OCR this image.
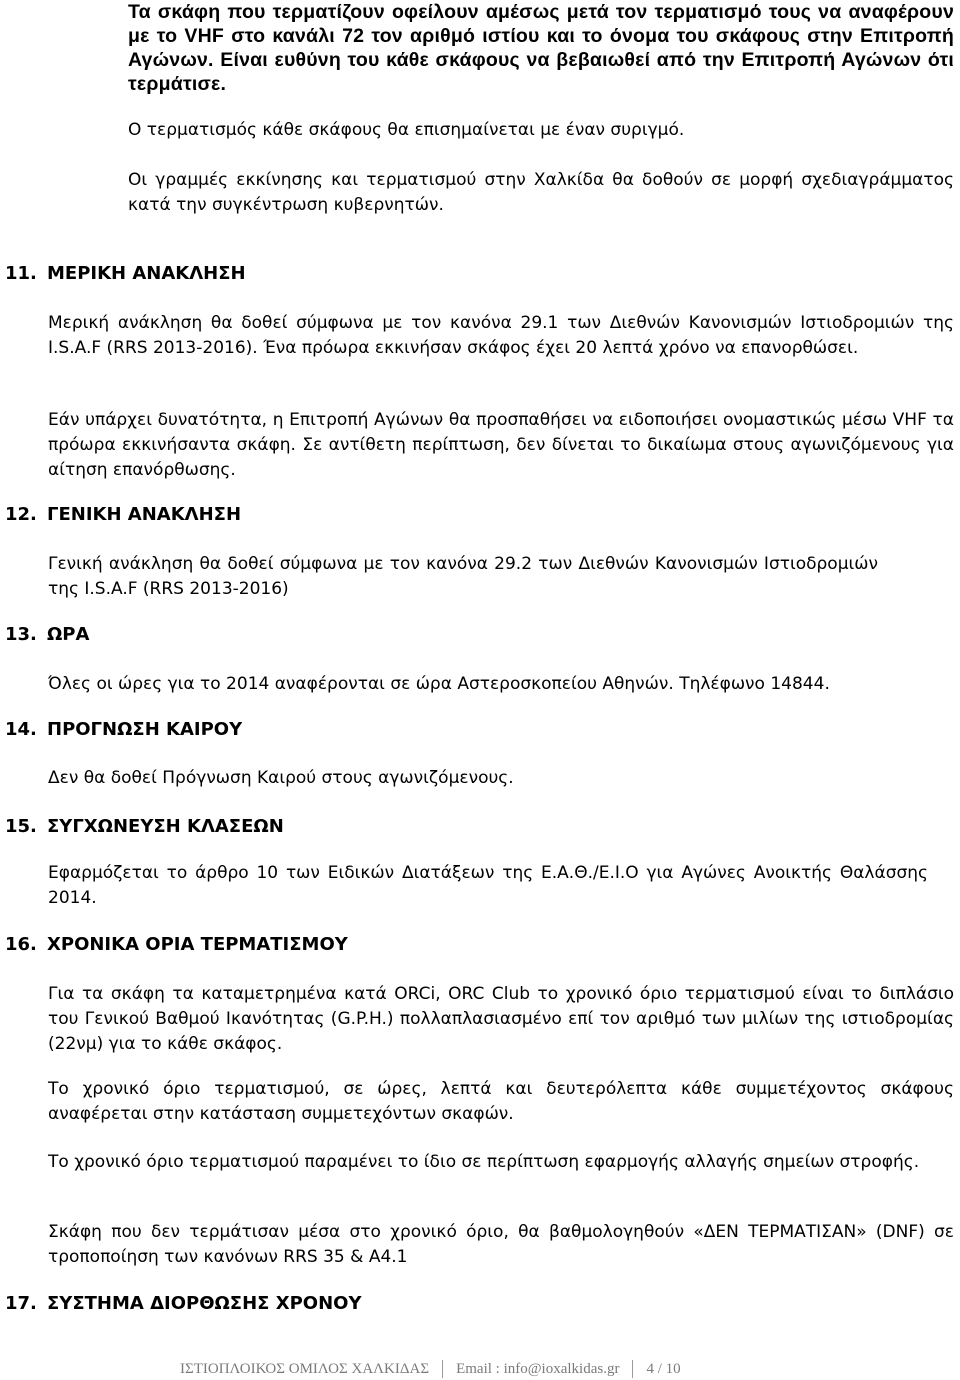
Τα σκάφη που τερματίζουν οφείλουν αμέσως μετά τον τερματισμό τους να αναφέρουν με το VHF στο κανάλι 72 τον αριθμό ιστίου και το όνομα του σκάφους στην Επιτροπή Αγώνων. Είναι ευθύνη του κάθε σκάφους να βεβαιωθεί από την Επιτροπή Αγώνων ότι τερμάτισε.
Ο τερματισμός κάθε σκάφους θα επισημαίνεται με έναν συριγμό.
Οι γραμμές εκκίνησης και τερματισμού στην Χαλκίδα θα δοθούν σε μορφή σχεδιαγράμματος κατά την συγκέντρωση κυβερνητών.
11. ΜΕΡΙΚΗ ΑΝΑΚΛΗΣΗ
Μερική ανάκληση θα δοθεί σύμφωνα με τον κανόνα 29.1 των Διεθνών Κανονισμών Ιστιοδρομιών της I.S.A.F (RRS 2013-2016). Ένα πρόωρα εκκινήσαν σκάφος έχει 20 λεπτά χρόνο να επανορθώσει.
Εάν υπάρχει δυνατότητα, η Επιτροπή Αγώνων θα προσπαθήσει να ειδοποιήσει ονομαστικώς μέσω VHF τα πρόωρα εκκινήσαντα σκάφη. Σε αντίθετη περίπτωση, δεν δίνεται το δικαίωμα στους αγωνιζόμενους για αίτηση επανόρθωσης.
12. ΓΕΝΙΚΗ ΑΝΑΚΛΗΣΗ
Γενική ανάκληση θα δοθεί σύμφωνα με τον κανόνα 29.2 των Διεθνών Κανονισμών Ιστιοδρομιών της I.S.A.F (RRS 2013-2016)
13. ΩΡΑ
Όλες οι ώρες για το 2014 αναφέρονται σε ώρα Αστεροσκοπείου Αθηνών. Τηλέφωνο 14844.
14. ΠΡΟΓΝΩΣΗ ΚΑΙΡΟΥ
Δεν θα δοθεί Πρόγνωση Καιρού στους αγωνιζόμενους.
15. ΣΥΓΧΩΝΕΥΣΗ ΚΛΑΣΕΩΝ
Εφαρμόζεται το άρθρο 10 των Ειδικών Διατάξεων της Ε.Α.Θ./Ε.Ι.Ο για Αγώνες Ανοικτής Θαλάσσης 2014.
16. ΧΡΟΝΙΚΑ ΟΡΙΑ ΤΕΡΜΑΤΙΣΜΟΥ
Για τα σκάφη τα καταμετρημένα κατά ORCi, ORC Club το χρονικό όριο τερματισμού είναι το διπλάσιο του Γενικού Βαθμού Ικανότητας (G.P.H.) πολλαπλασιασμένο επί τον αριθμό των μιλίων της ιστιοδρομίας (22νμ) για το κάθε σκάφος.
Το χρονικό όριο τερματισμού, σε ώρες, λεπτά και δευτερόλεπτα κάθε συμμετέχοντος σκάφους αναφέρεται στην κατάσταση συμμετεχόντων σκαφών.
Το χρονικό όριο τερματισμού παραμένει το ίδιο σε περίπτωση εφαρμογής αλλαγής σημείων στροφής.
Σκάφη που δεν τερμάτισαν μέσα στο χρονικό όριο, θα βαθμολογηθούν «ΔΕΝ ΤΕΡΜΑΤΙΣΑΝ» (DNF) σε τροποποίηση των κανόνων RRS 35 & A4.1
17. ΣΥΣΤΗΜΑ ΔΙΟΡΘΩΣΗΣ ΧΡΟΝΟΥ
ΙΣΤΙΟΠΛΟΙΚΟΣ ΟΜΙΛΟΣ ΧΑΛΚΙΔΑΣ Email : info@ioxalkidas.gr 4 / 10
